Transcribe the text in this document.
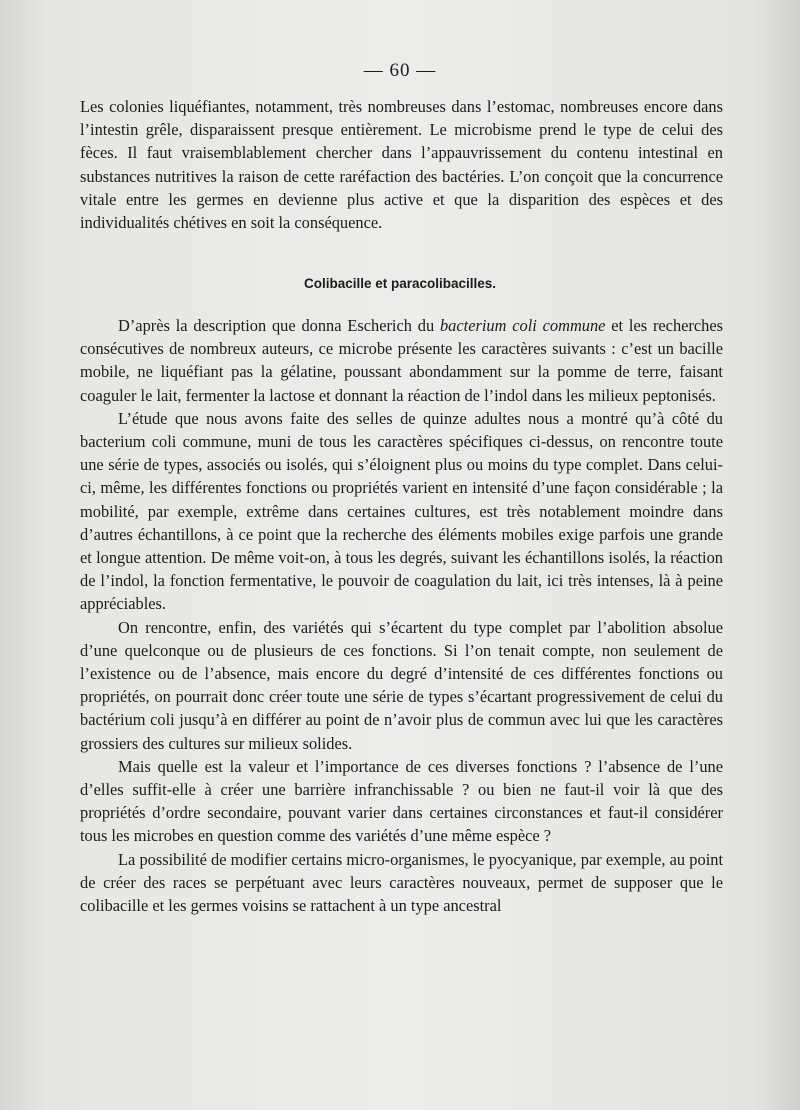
— 60 —

Les colonies liquéfiantes, notamment, très nombreuses dans l’estomac, nombreuses encore dans l’intestin grêle, disparaissent presque entièrement. Le microbisme prend le type de celui des fèces. Il faut vraisemblablement chercher dans l’appauvrissement du contenu intestinal en substances nutritives la raison de cette raréfaction des bactéries. L’on conçoit que la concurrence vitale entre les germes en devienne plus active et que la disparition des espèces et des individualités chétives en soit la conséquence.

Colibacille et paracolibacilles.

D’après la description que donna Escherich du bacterium coli commune et les recherches consécutives de nombreux auteurs, ce microbe présente les caractères suivants : c’est un bacille mobile, ne liquéfiant pas la gélatine, poussant abondamment sur la pomme de terre, faisant coaguler le lait, fermenter la lactose et donnant la réaction de l’indol dans les milieux peptonisés.

L’étude que nous avons faite des selles de quinze adultes nous a montré qu’à côté du bacterium coli commune, muni de tous les caractères spécifiques ci-dessus, on rencontre toute une série de types, associés ou isolés, qui s’éloignent plus ou moins du type complet. Dans celui-ci, même, les différentes fonctions ou propriétés varient en intensité d’une façon considérable ; la mobilité, par exemple, extrême dans certaines cultures, est très notablement moindre dans d’autres échantillons, à ce point que la recherche des éléments mobiles exige parfois une grande et longue attention. De même voit-on, à tous les degrés, suivant les échantillons isolés, la réaction de l’indol, la fonction fermentative, le pouvoir de coagulation du lait, ici très intenses, là à peine appréciables.

On rencontre, enfin, des variétés qui s’écartent du type complet par l’abolition absolue d’une quelconque ou de plusieurs de ces fonctions. Si l’on tenait compte, non seulement de l’existence ou de l’absence, mais encore du degré d’intensité de ces différentes fonctions ou propriétés, on pourrait donc créer toute une série de types s’écartant progressivement de celui du bactérium coli jusqu’à en différer au point de n’avoir plus de commun avec lui que les caractères grossiers des cultures sur milieux solides.

Mais quelle est la valeur et l’importance de ces diverses fonctions ? l’absence de l’une d’elles suffit-elle à créer une barrière infranchissable ? ou bien ne faut-il voir là que des propriétés d’ordre secondaire, pouvant varier dans certaines circonstances et faut-il considérer tous les microbes en question comme des variétés d’une même espèce ?

La possibilité de modifier certains micro-organismes, le pyocyanique, par exemple, au point de créer des races se perpétuant avec leurs caractères nouveaux, permet de supposer que le colibacille et les germes voisins se rattachent à un type ancestral
